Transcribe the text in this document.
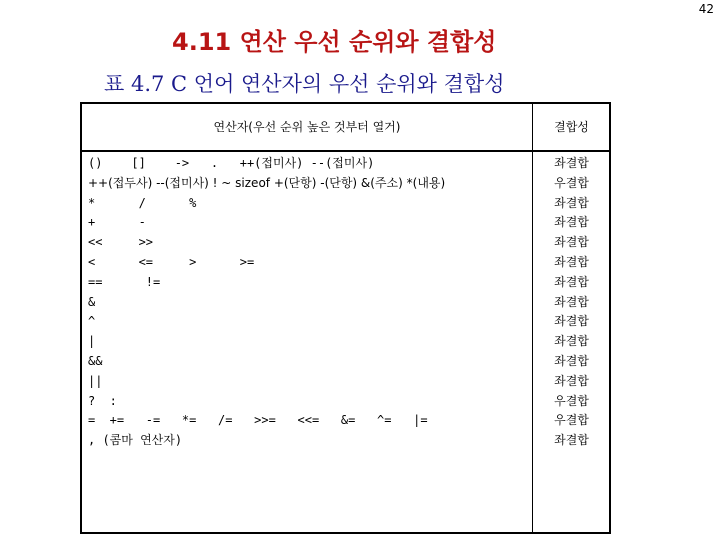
42
4.11 연산 우선 순위와 결합성
표 4.7 C 언어 연산자의 우선 순위와 결합성
연산자(우선 순위 높은 것부터 열거)	결합성
()    []    ->   .   ++(접미사) --(접미사)	좌결합
++(접두사) --(접미사) ! ~ sizeof +(단항) -(단항) &(주소) *(내용)	우결합
*      /      %	좌결합
+      -	좌결합
<<     >>	좌결합
<      <=     >      >=	좌결합
==      !=	좌결합
&	좌결합
^	좌결합
|	좌결합
&&	좌결합
||	좌결합
?  :	우결합
=  +=   -=   *=   /=   >>=   <<=   &=   ^=   |=	우결합
, (콤마 연산자)	좌결합
